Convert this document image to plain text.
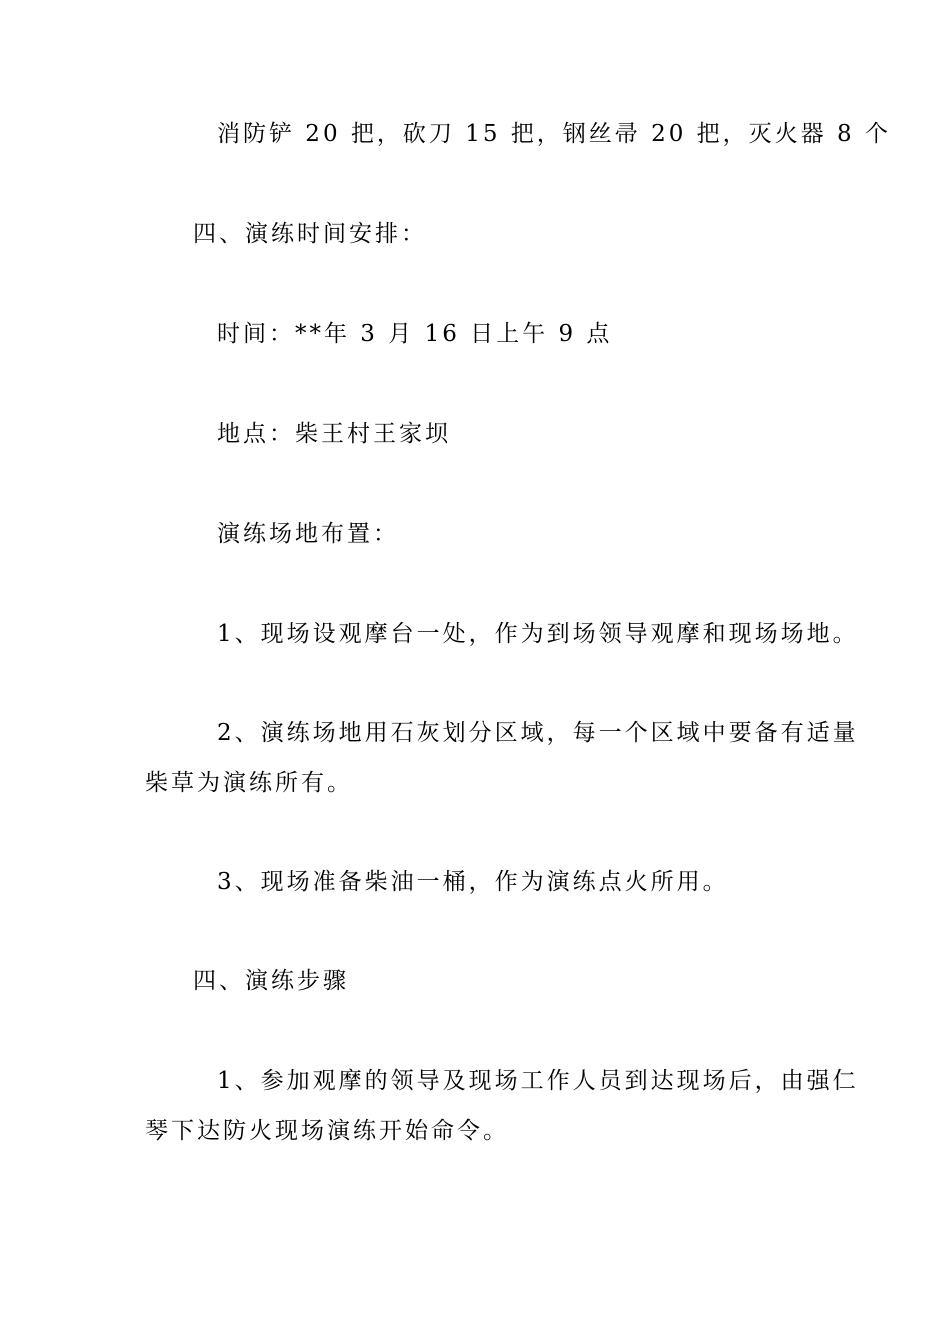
消防铲 20 把，砍刀 15 把，钢丝帚 20 把，灭火器 8 个

四、演练时间安排：

时间：**年 3 月 16 日上午 9 点

地点：柴王村王家坝

演练场地布置：

1、现场设观摩台一处，作为到场领导观摩和现场场地。

2、演练场地用石灰划分区域，每一个区域中要备有适量

柴草为演练所有。

3、现场准备柴油一桶，作为演练点火所用。

四、演练步骤

1、参加观摩的领导及现场工作人员到达现场后，由强仁

琴下达防火现场演练开始命令。
